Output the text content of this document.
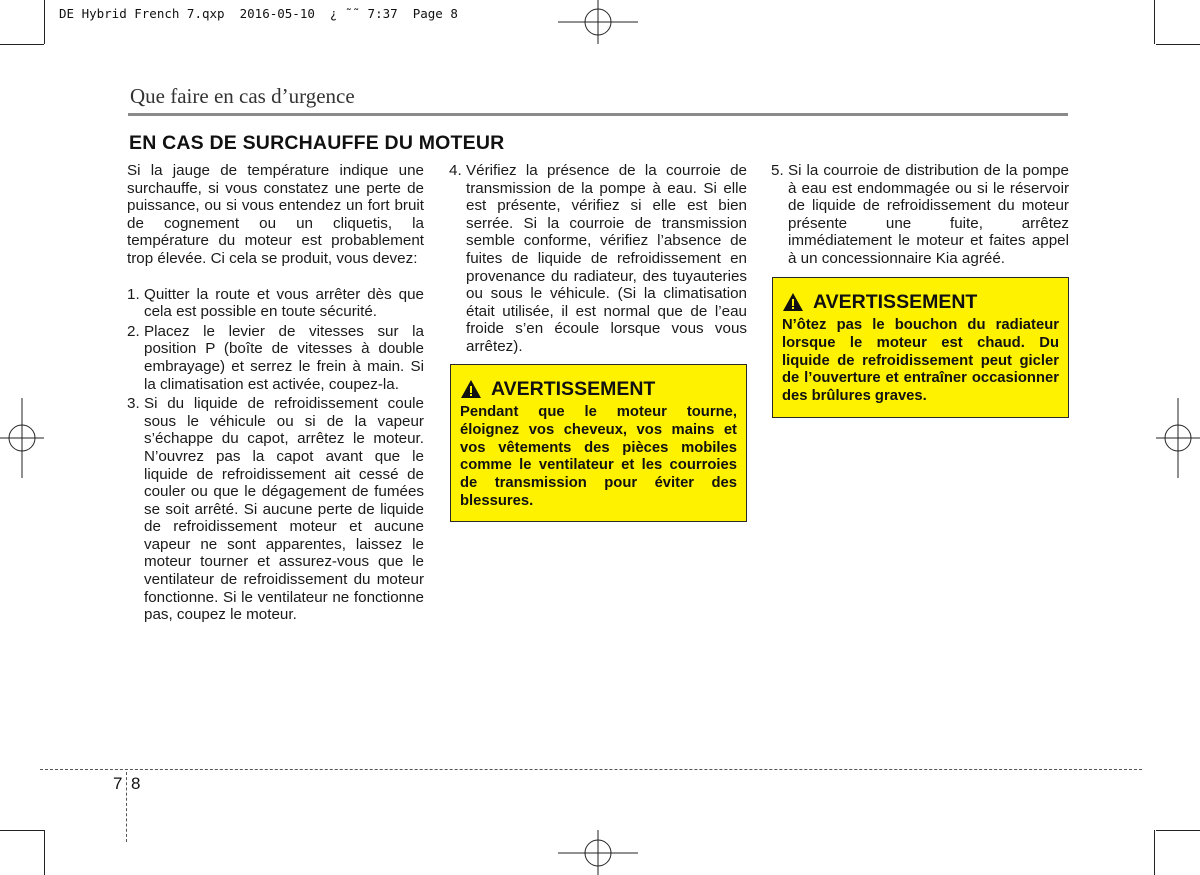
DE Hybrid French 7.qxp  2016-05-10  ¿ ˜˜ 7:37  Page 8
Que faire en cas d’urgence
EN CAS DE SURCHAUFFE DU MOTEUR

Si la jauge de température indique une surchauffe, si vous constatez une perte de puissance, ou si vous entendez un fort bruit de cognement ou un cliquetis, la température du moteur est probablement trop élevée. Ci cela se produit, vous devez:

1. Quitter la route et vous arrêter dès que cela est possible en toute sécurité.
2. Placez le levier de vitesses sur la position P (boîte de vitesses à double embrayage) et serrez le frein à main. Si la climatisation est activée, coupez-la.
3. Si du liquide de refroidissement coule sous le véhicule ou si de la vapeur s’échappe du capot, arrêtez le moteur. N’ouvrez pas la capot avant que le liquide de refroidissement ait cessé de couler ou que le dégagement de fumées se soit arrêté. Si aucune perte de liquide de refroidissement moteur et aucune vapeur ne sont apparentes, laissez le moteur tourner et assurez-vous que le ventilateur de refroidissement du moteur fonctionne. Si le ventilateur ne fonctionne pas, coupez le moteur.
4. Vérifiez la présence de la courroie de transmission de la pompe à eau. Si elle est présente, vérifiez si elle est bien serrée. Si la courroie de transmission semble conforme, vérifiez l’absence de fuites de liquide de refroidissement en provenance du radiateur, des tuyauteries ou sous le véhicule. (Si la climatisation était utilisée, il est normal que de l’eau froide s’en écoule lorsque vous vous arrêtez).
AVERTISSEMENT
Pendant que le moteur tourne, éloignez vos cheveux, vos mains et vos vêtements des pièces mobiles comme le ventilateur et les courroies de transmission pour éviter des blessures.
5. Si la courroie de distribution de la pompe à eau est endommagée ou si le réservoir de liquide de refroidissement du moteur présente une fuite, arrêtez immédiatement le moteur et faites appel à un concessionnaire Kia agréé.
AVERTISSEMENT
N’ôtez pas le bouchon du radiateur lorsque le moteur est chaud. Du liquide de refroidissement peut gicler de l’ouverture et entraîner occasionner des brûlures graves.
7 8
